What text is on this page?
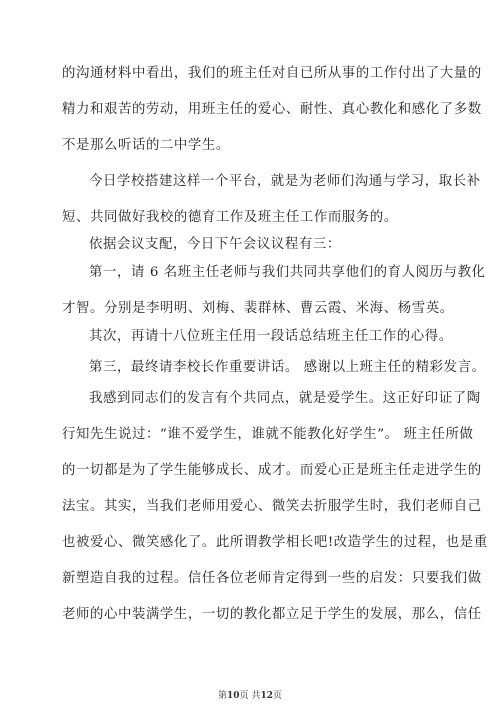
的沟通材料中看出，我们的班主任对自已所从事的工作付出了大量的
精力和艰苦的劳动，用班主任的爱心、耐性、真心教化和感化了多数
不是那么听话的二中学生。
今日学校搭建这样一个平台，就是为老师们沟通与学习，取长补
短、共同做好我校的德育工作及班主任工作而服务的。
依据会议支配，今日下午会议议程有三：
第一，请 6 名班主任老师与我们共同共享他们的育人阅历与教化
才智。分别是李明明、刘梅、裴群林、曹云霞、米海、杨雪英。
其次，再请十八位班主任用一段话总结班主任工作的心得。
第三，最终请李校长作重要讲话。 感谢以上班主任的精彩发言。
我感到同志们的发言有个共同点，就是爱学生。这正好印证了陶
行知先生说过：“谁不爱学生，谁就不能教化好学生”。 班主任所做
的一切都是为了学生能够成长、成才。而爱心正是班主任走进学生的
法宝。其实，当我们老师用爱心、微笑去折服学生时，我们老师自己
也被爱心、微笑感化了。此所谓教学相长吧!改造学生的过程，也是重
新塑造自我的过程。信任各位老师肯定得到一些的启发：只要我们做
老师的心中装满学生，一切的教化都立足于学生的发展，那么，信任
第10页 共12页
